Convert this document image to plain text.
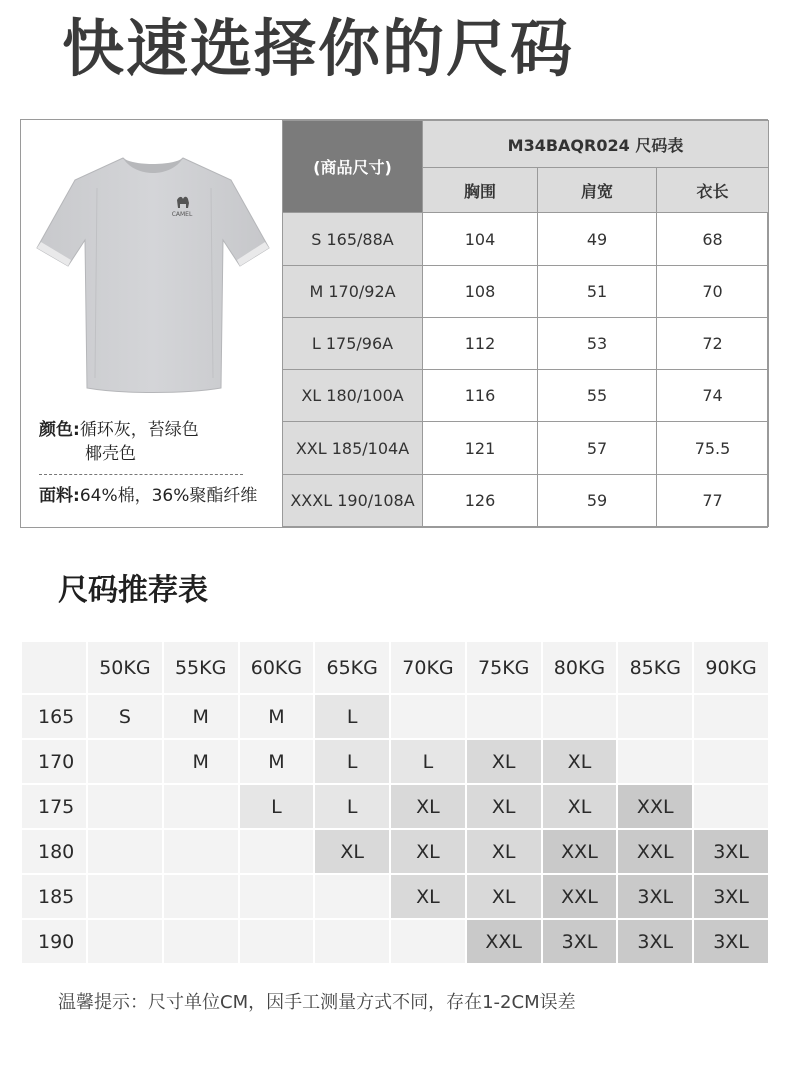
快速选择你的尺码
CAMEL
颜色:循环灰，苔绿色
椰壳色
面料:64%棉，36%聚酯纤维
(商品尺寸)	M34BAQR024 尺码表		
	胸围	肩宽	衣长
S 165/88A	104	49	68
M 170/92A	108	51	70
L 175/96A	112	53	72
XL 180/100A	116	55	74
XXL 185/104A	121	57	75.5
XXXL 190/108A	126	59	77
尺码推荐表
	50KG	55KG	60KG	65KG	70KG	75KG	80KG	85KG	90KG
165	S	M	M	L					
170		M	M	L	L	XL	XL		
175			L	L	XL	XL	XL	XXL	
180				XL	XL	XL	XXL	XXL	3XL
185					XL	XL	XXL	3XL	3XL
190						XXL	3XL	3XL	3XL
温馨提示：尺寸单位CM，因手工测量方式不同，存在1-2CM误差
